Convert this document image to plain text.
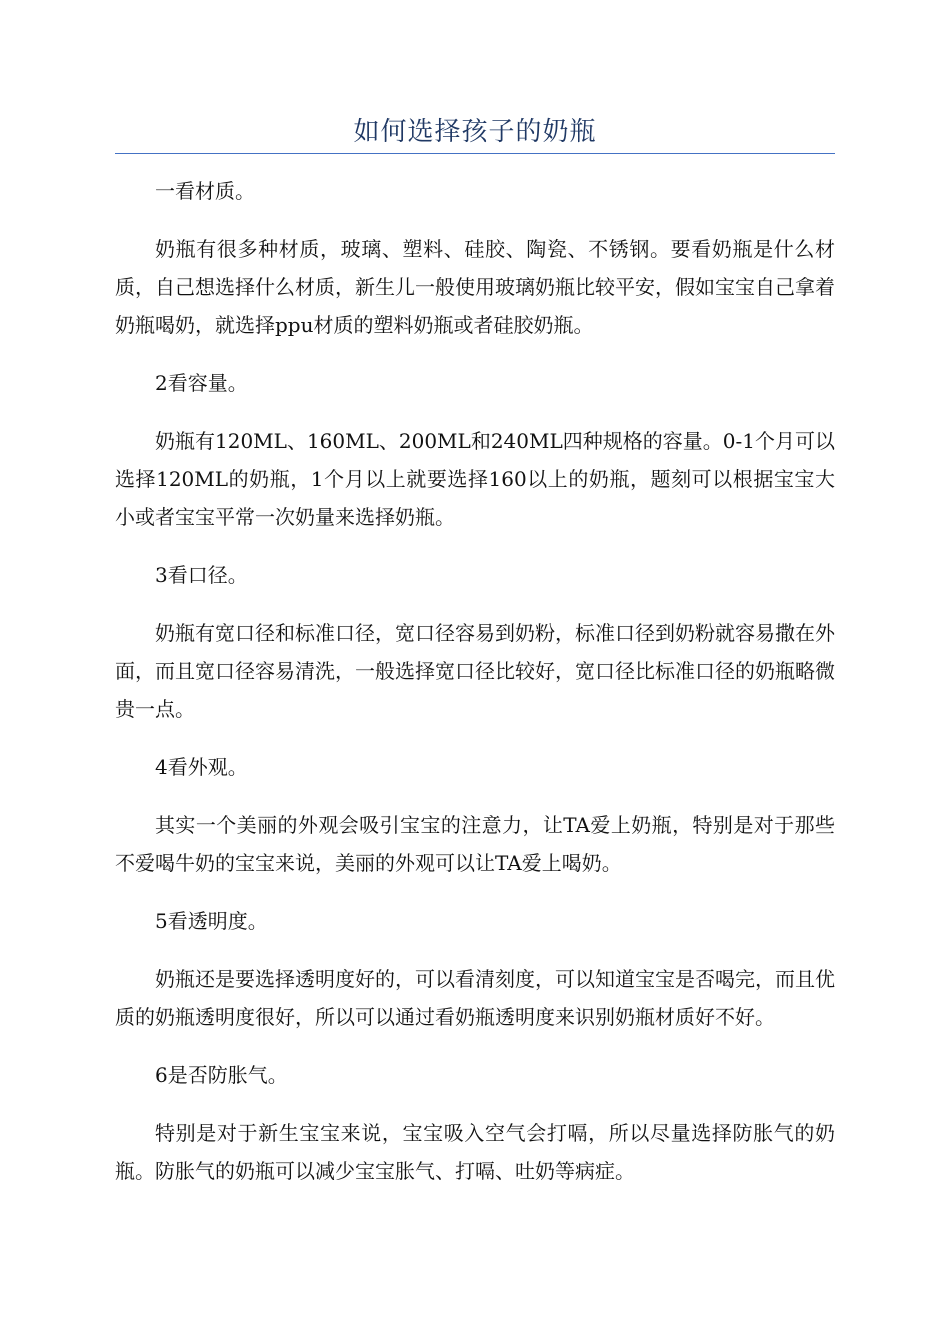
如何选择孩子的奶瓶

一看材质。

奶瓶有很多种材质，玻璃、塑料、硅胶、陶瓷、不锈钢。要看奶瓶是什么材质，自己想选择什么材质，新生儿一般使用玻璃奶瓶比较平安，假如宝宝自己拿着奶瓶喝奶，就选择ppu材质的塑料奶瓶或者硅胶奶瓶。

2看容量。

奶瓶有120ML、160ML、200ML和240ML四种规格的容量。0-1个月可以选择120ML的奶瓶，1个月以上就要选择160以上的奶瓶，题刻可以根据宝宝大小或者宝宝平常一次奶量来选择奶瓶。

3看口径。

奶瓶有宽口径和标准口径，宽口径容易到奶粉，标准口径到奶粉就容易撒在外面，而且宽口径容易清洗，一般选择宽口径比较好，宽口径比标准口径的奶瓶略微贵一点。

4看外观。

其实一个美丽的外观会吸引宝宝的注意力，让TA爱上奶瓶，特别是对于那些不爱喝牛奶的宝宝来说，美丽的外观可以让TA爱上喝奶。

5看透明度。

奶瓶还是要选择透明度好的，可以看清刻度，可以知道宝宝是否喝完，而且优质的奶瓶透明度很好，所以可以通过看奶瓶透明度来识别奶瓶材质好不好。

6是否防胀气。

特别是对于新生宝宝来说，宝宝吸入空气会打嗝，所以尽量选择防胀气的奶瓶。防胀气的奶瓶可以减少宝宝胀气、打嗝、吐奶等病症。
